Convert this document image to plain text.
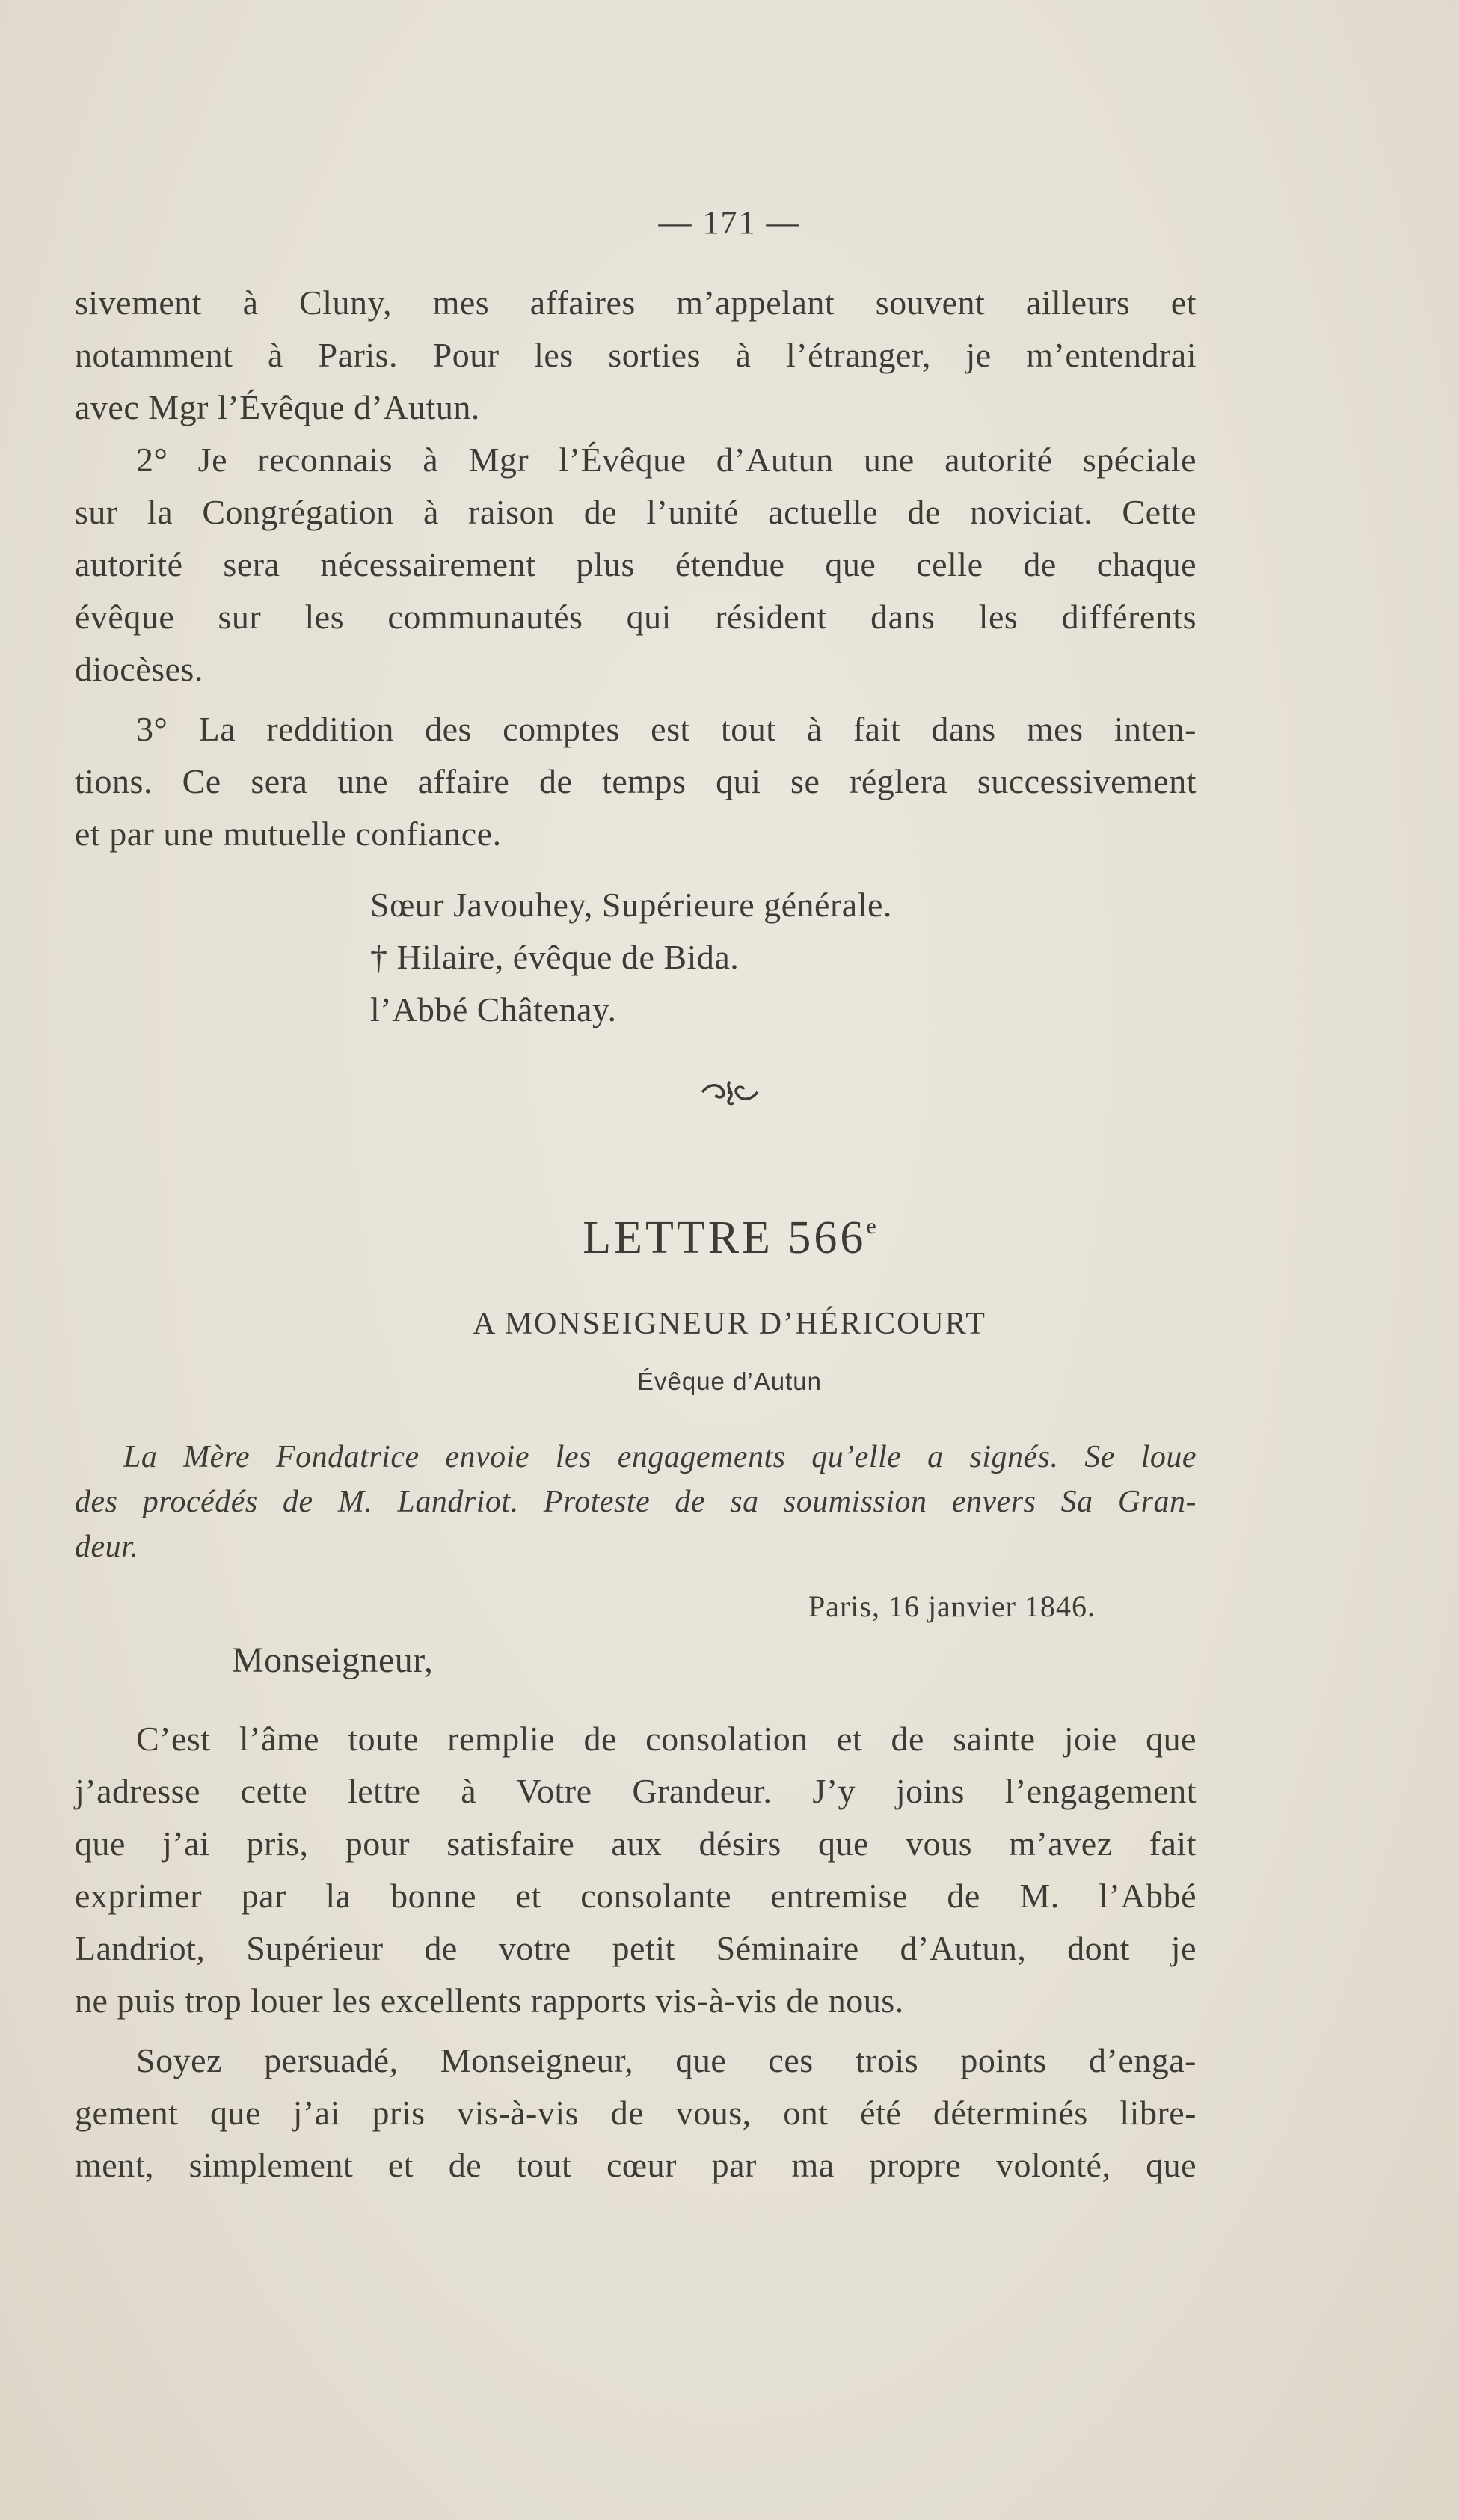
— 171 —
sivement à Cluny, mes affaires m’appelant souvent ailleurs et
notamment à Paris. Pour les sorties à l’étranger, je m’entendrai
avec Mgr l’Évêque d’Autun.
2° Je reconnais à Mgr l’Évêque d’Autun une autorité spéciale
sur la Congrégation à raison de l’unité actuelle de noviciat. Cette
autorité sera nécessairement plus étendue que celle de chaque
évêque sur les communautés qui résident dans les différents
diocèses.
3° La reddition des comptes est tout à fait dans mes inten-
tions. Ce sera une affaire de temps qui se réglera successivement
et par une mutuelle confiance.
Sœur Javouhey, Supérieure générale.
† Hilaire, évêque de Bida.
l’Abbé Châtenay.
LETTRE 566e
A MONSEIGNEUR D’HÉRICOURT
Évêque d’Autun
La Mère Fondatrice envoie les engagements qu’elle a signés. Se loue
des procédés de M. Landriot. Proteste de sa soumission envers Sa Gran-
deur.
Paris, 16 janvier 1846.
Monseigneur,
C’est l’âme toute remplie de consolation et de sainte joie que
j’adresse cette lettre à Votre Grandeur. J’y joins l’engagement
que j’ai pris, pour satisfaire aux désirs que vous m’avez fait
exprimer par la bonne et consolante entremise de M. l’Abbé
Landriot, Supérieur de votre petit Séminaire d’Autun, dont je
ne puis trop louer les excellents rapports vis-à-vis de nous.
Soyez persuadé, Monseigneur, que ces trois points d’enga-
gement que j’ai pris vis-à-vis de vous, ont été déterminés libre-
ment, simplement et de tout cœur par ma propre volonté, que
